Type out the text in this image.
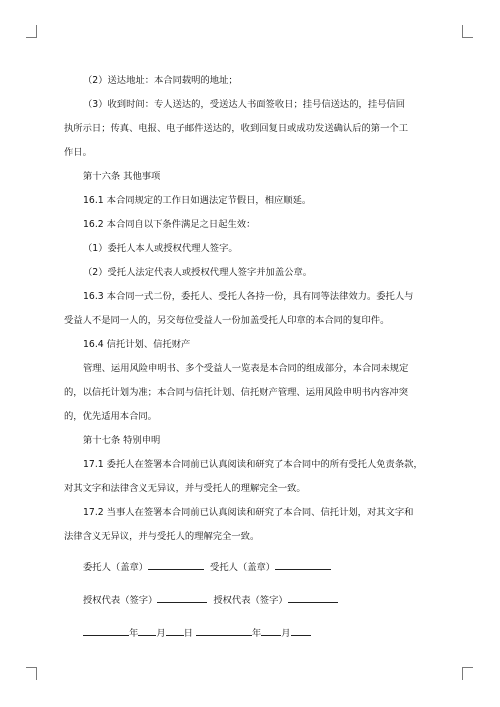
（2）送达地址：本合同载明的地址；
（3）收到时间：专人送达的，受送达人书面签收日；挂号信送达的，挂号信回
执所示日；传真、电报、电子邮件送达的，收到回复日或成功发送确认后的第一个工
作日。
第十六条 其他事项
16.1 本合同规定的工作日如遇法定节假日，相应顺延。
16.2 本合同自以下条件满足之日起生效：
（1）委托人本人或授权代理人签字。
（2）受托人法定代表人或授权代理人签字并加盖公章。
16.3 本合同一式二份，委托人、受托人各持一份，具有同等法律效力。委托人与
受益人不是同一人的，另交每位受益人一份加盖受托人印章的本合同的复印件。
16.4 信托计划、信托财产
管理、运用风险申明书、多个受益人一览表是本合同的组成部分，本合同未规定
的，以信托计划为准；本合同与信托计划、信托财产管理、运用风险申明书内容冲突
的，优先适用本合同。
第十七条 特别申明
17.1 委托人在签署本合同前已认真阅读和研究了本合同中的所有受托人免责条款，
对其文字和法律含义无异议，并与受托人的理解完全一致。
17.2 当事人在签署本合同前已认真阅读和研究了本合同、信托计划，对其文字和
法律含义无异议，并与受托人的理解完全一致。
委托人（盖章）	受托人（盖章）
授权代表（签字）	授权代表（签字）
年 月 日	年 月
